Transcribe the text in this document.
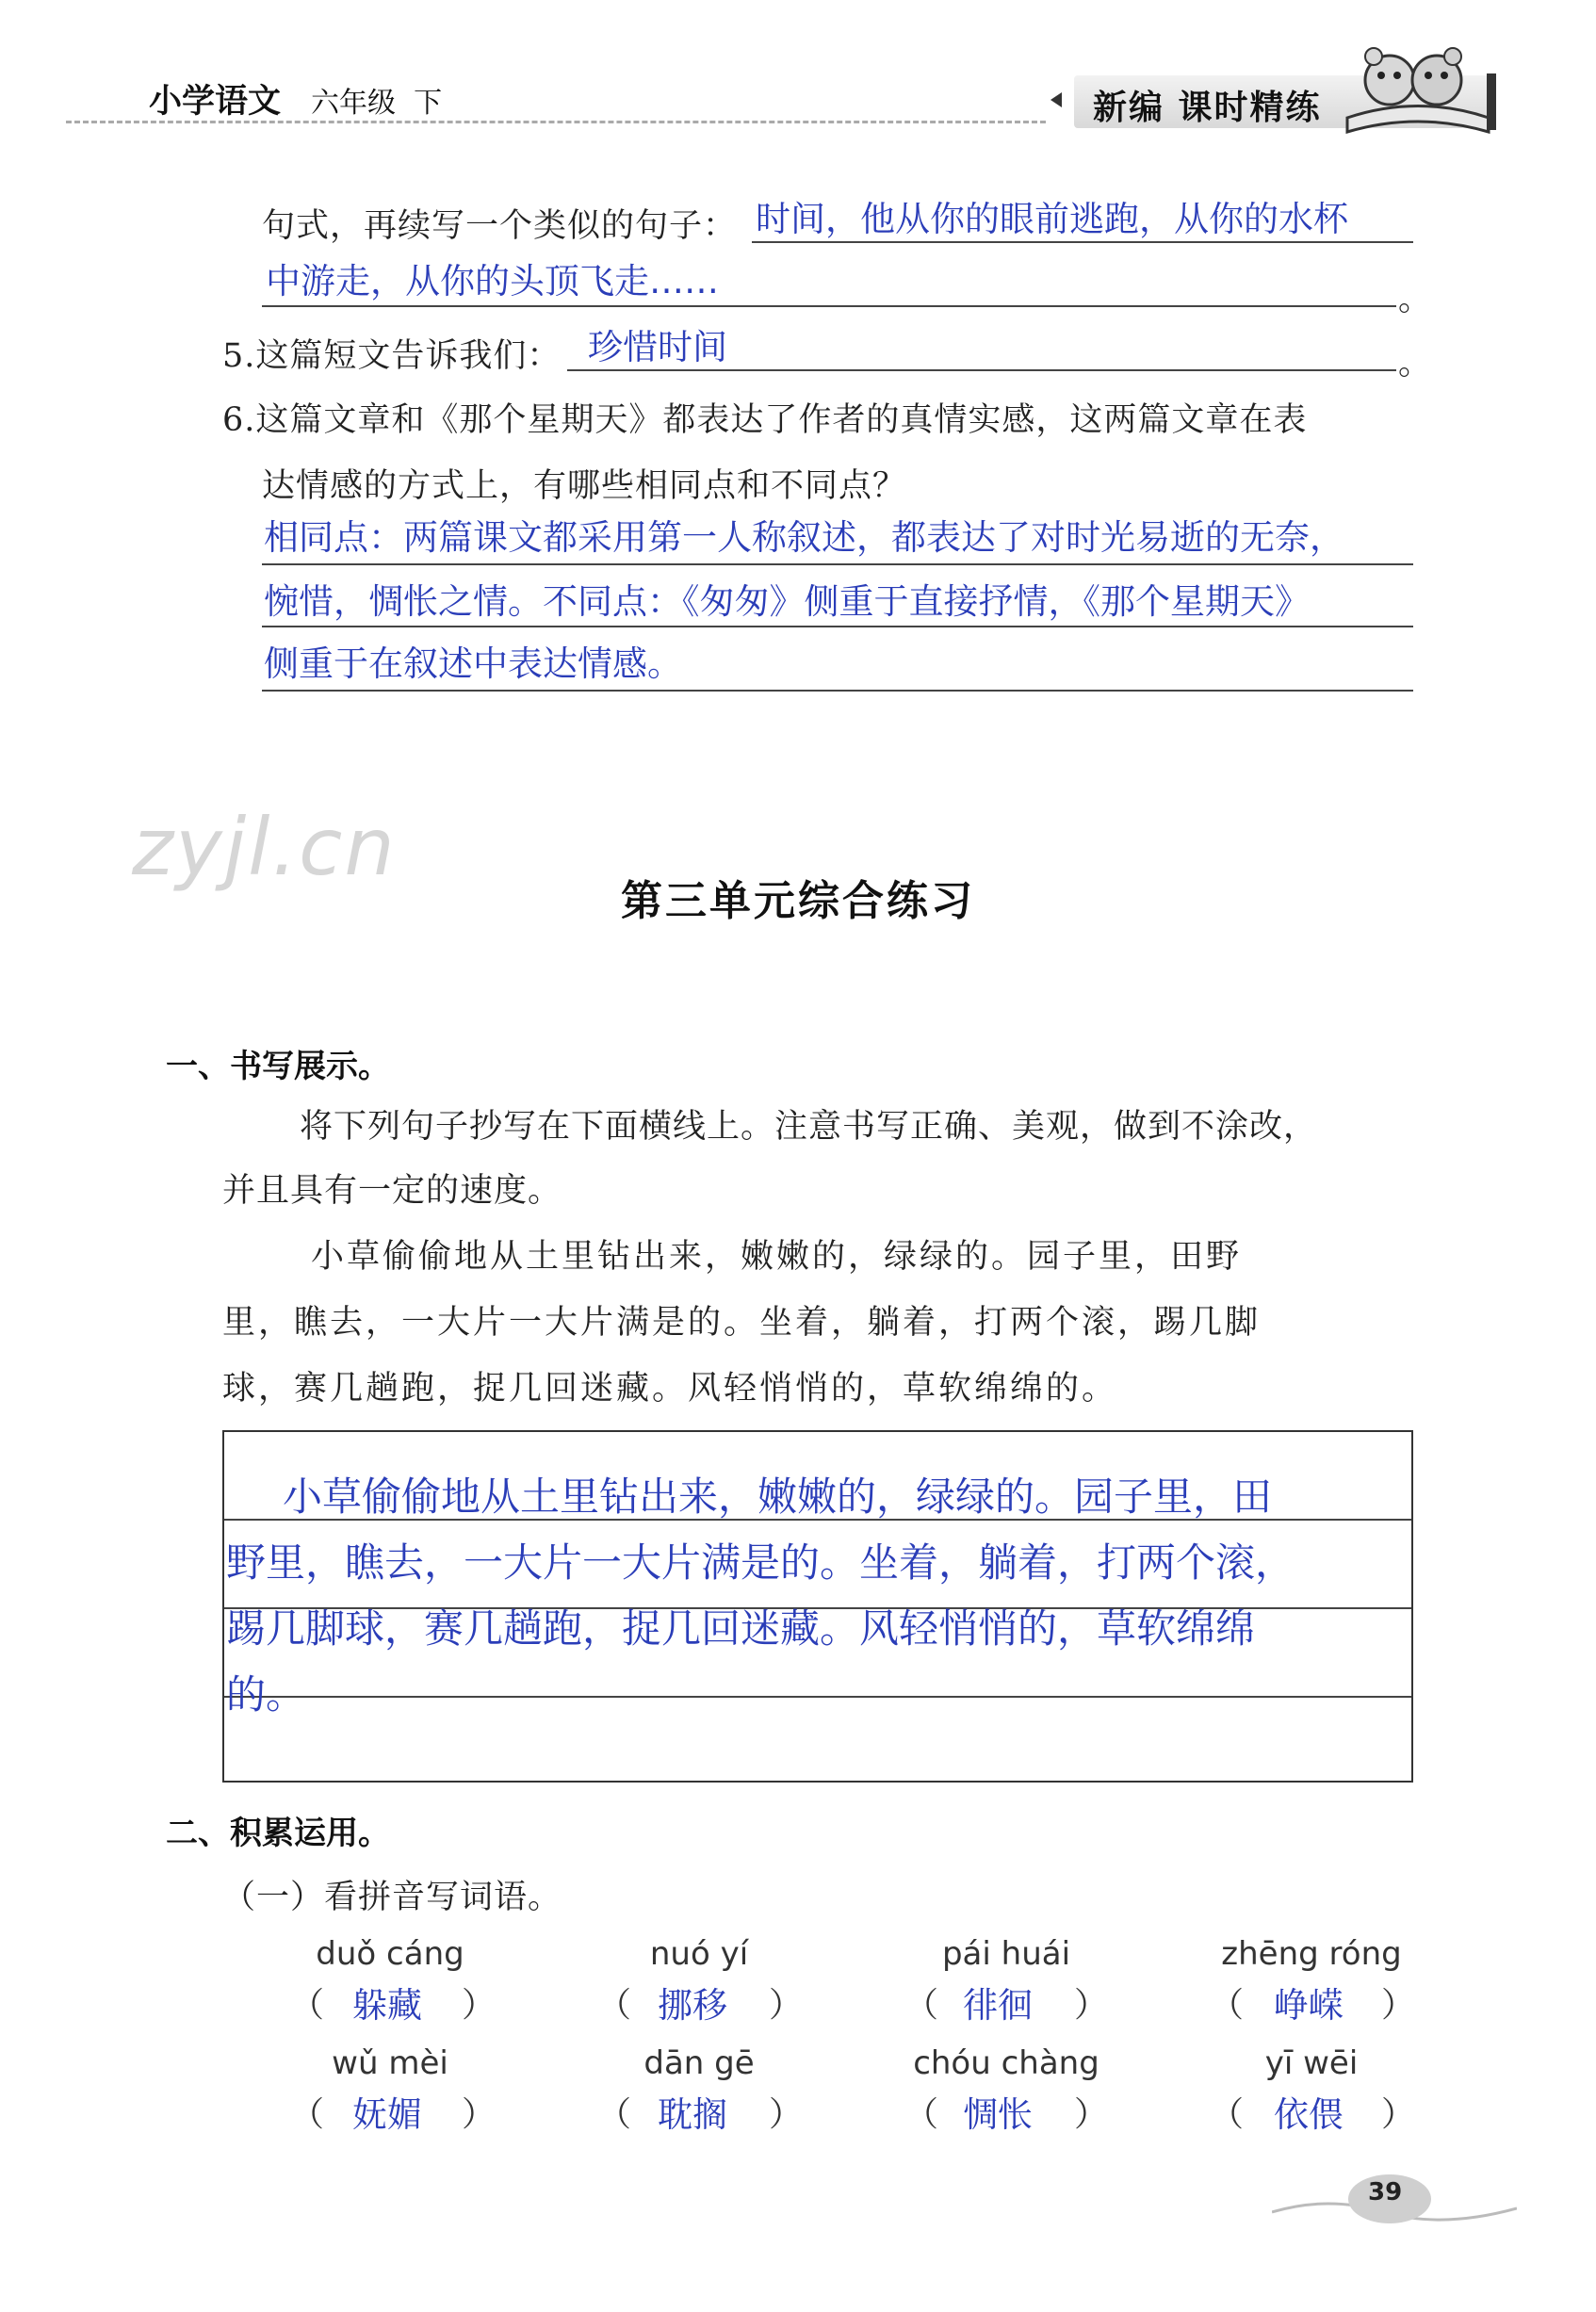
小学语文 六年级  下	新编 课时精练
句式，再续写一个类似的句子： 时间，他从你的眼前逃跑，从你的水杯
中游走，从你的头顶飞走……	。
5.这篇短文告诉我们： 珍惜时间	。
6.这篇文章和《那个星期天》都表达了作者的真情实感，这两篇文章在表
达情感的方式上，有哪些相同点和不同点？
相同点：两篇课文都采用第一人称叙述，都表达了对时光易逝的无奈，
惋惜，惆怅之情。不同点：《匆匆》侧重于直接抒情，《那个星期天》
侧重于在叙述中表达情感。
zyjl.cn
第三单元综合练习
一、书写展示。
将下列句子抄写在下面横线上。注意书写正确、美观，做到不涂改，
并且具有一定的速度。
小草偷偷地从土里钻出来，嫩嫩的，绿绿的。园子里，田野
里，瞧去，一大片一大片满是的。坐着，躺着，打两个滚，踢几脚
球，赛几趟跑，捉几回迷藏。风轻悄悄的，草软绵绵的。
小草偷偷地从土里钻出来，嫩嫩的，绿绿的。园子里，田
野里，瞧去，一大片一大片满是的。坐着，躺着，打两个滚，
踢几脚球，赛几趟跑，捉几回迷藏。风轻悄悄的，草软绵绵
的。
二、积累运用。
（一）看拼音写词语。
duǒ cáng	nuó yí	pái huái	zhēng róng
（ 躲藏 ）	（ 挪移 ）	（ 徘徊 ）	（ 峥嵘 ）
wǔ mèi	dān gē	chóu chàng	yī wēi
（ 妩媚 ）	（ 耽搁 ）	（ 惆怅 ）	（ 依偎 ）
39
